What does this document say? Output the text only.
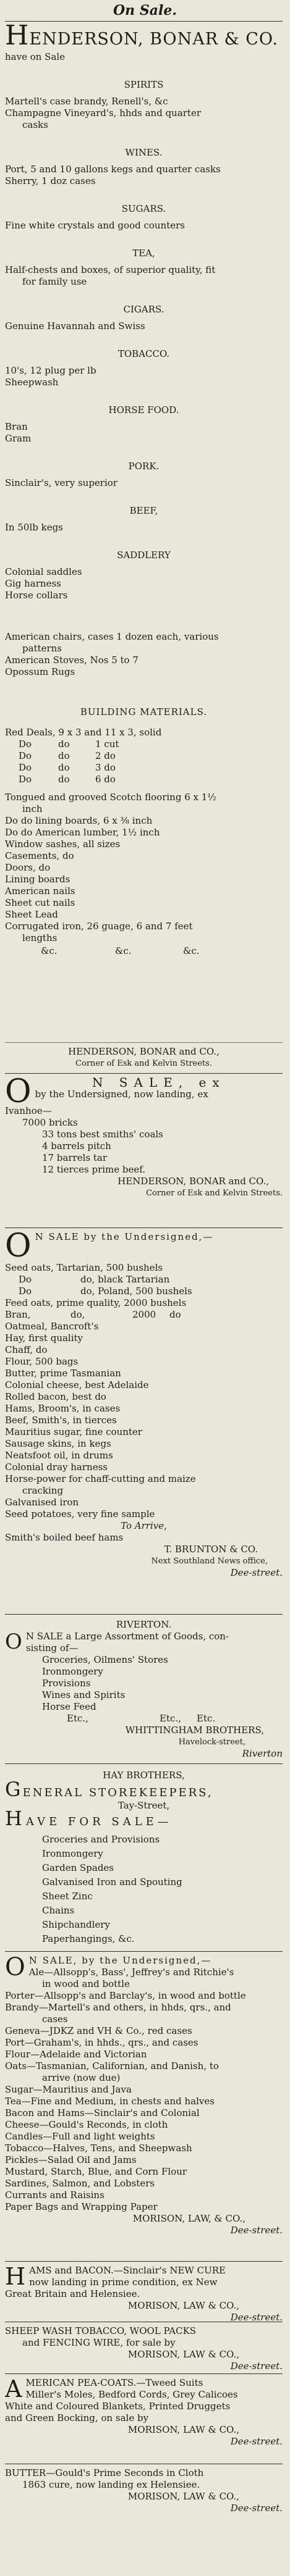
On Sale.
HENDERSON, BONAR & CO.
have on Sale
SPIRITS
Martell's case brandy, Renell's, &c
Champagne Vineyard's, hhds and quarter
casks
WINES.
Port, 5 and 10 gallons kegs and quarter casks
Sherry, 1 doz cases
SUGARS.
Fine white crystals and good counters
TEA,
Half-chests and boxes, of superior quality, fit
for family use
CIGARS.
Genuine Havannah and Swiss
TOBACCO.
10's, 12 plug per lb
Sheepwash
HORSE FOOD.
Bran
Gram
PORK.
Sinclair's, very superior
BEEF,
In 50lb kegs
SADDLERY
Colonial saddles
Gig harness
Horse collars
American chairs, cases 1 dozen each, various
patterns
American Stoves, Nos 5 to 7
Opossum Rugs
BUILDING MATERIALS.
Red Deals, 9 x 3 and 11 x 3, solid
Do	do	1 cut
Do	do	2 do
Do	do	3 do
Do	do	6 do
Tongued and grooved Scotch flooring 6 x 1½
inch
Do do lining boards, 6 x ⅜ inch
Do do American lumber, 1½ inch
Window sashes, all sizes
Casements, do
Doors, do
Lining boards
American nails
Sheet cut nails
Sheet Lead
Corrugated iron, 26 guage, 6 and 7 feet
lengths
&c.	&c.	&c.
HENDERSON, BONAR and CO.,
Corner of Esk and Kelvin Streets.
O	N SALE, ex
by the Undersigned, now landing, ex
Ivanhoe—
7000 bricks
33 tons best smiths' coals
4 barrels pitch
17 barrels tar
12 tierces prime beef.
HENDERSON, BONAR and CO.,
Corner of Esk and Kelvin Streets.
O N SALE by the Undersigned,—
Seed oats, Tartarian, 500 bushels
Do	do, black Tartarian
Do	do, Poland, 500 bushels
Feed oats, prime quality, 2000 bushels
Bran,	do,	2000	do
Oatmeal, Bancroft's
Hay, first quality
Chaff, do
Flour, 500 bags
Butter, prime Tasmanian
Colonial cheese, best Adelaide
Rolled bacon, best do
Hams, Broom's, in cases
Beef, Smith's, in tierces
Mauritius sugar, fine counter
Sausage skins, in kegs
Neatsfoot oil, in drums
Colonial dray harness
Horse-power for chaff-cutting and maize
cracking
Galvanised iron
Seed potatoes, very fine sample
To Arrive,
Smith's boiled beef hams
T. BRUNTON & CO.
Next Southland News office,
Dee-street.
RIVERTON.
O N SALE a Large Assortment of Goods, con-
sisting of—
Groceries, Oilmens' Stores
Ironmongery
Provisions
Wines and Spirits
Horse Feed
Etc.,	Etc.,	Etc.
WHITTINGHAM BROTHERS,
Havelock-street,
Riverton
HAY BROTHERS,
GENERAL STOREKEEPERS,
Tay-Street,
HAVE FOR SALE—
Groceries and Provisions
Ironmongery
Garden Spades
Galvanised Iron and Spouting
Sheet Zinc
Chains
Shipchandlery
Paperhangings, &c.
O N SALE, by the Undersigned,—
Ale—Allsopp's, Bass', Jeffrey's and Ritchie's
in wood and bottle
Porter—Allsopp's and Barclay's, in wood and bottle
Brandy—Martell's and others, in hhds, qrs., and
cases
Geneva—JDKZ and VH & Co., red cases
Port—Graham's, in hhds., qrs., and cases
Flour—Adelaide and Victorian
Oats—Tasmanian, Californian, and Danish, to
arrive (now due)
Sugar—Mauritius and Java
Tea—Fine and Medium, in chests and halves
Bacon and Hams—Sinclair's and Colonial
Cheese—Gould's Reconds, in cloth
Candles—Full and light weights
Tobacco—Halves, Tens, and Sheepwash
Pickles—Salad Oil and Jams
Mustard, Starch, Blue, and Corn Flour
Sardines, Salmon, and Lobsters
Currants and Raisins
Paper Bags and Wrapping Paper
MORISON, LAW, & CO.,
Dee-street.
H AMS and BACON.—Sinclair's NEW CURE
now landing in prime condition, ex New
Great Britain and Helensiee.
MORISON, LAW & CO.,
Dee-street.
SHEEP WASH TOBACCO, WOOL PACKS
and FENCING WIRE, for sale by
MORISON, LAW & CO.,
Dee-street.
A MERICAN PEA-COATS.—Tweed Suits
Miller's Moles, Bedford Cords, Grey Calicoes
White and Coloured Blankets, Printed Druggets
and Green Bocking, on sale by
MORISON, LAW & CO.,
Dee-street.
BUTTER—Gould's Prime Seconds in Cloth
1863 cure, now landing ex Helensiee.
MORISON, LAW & CO.,
Dee-street.
